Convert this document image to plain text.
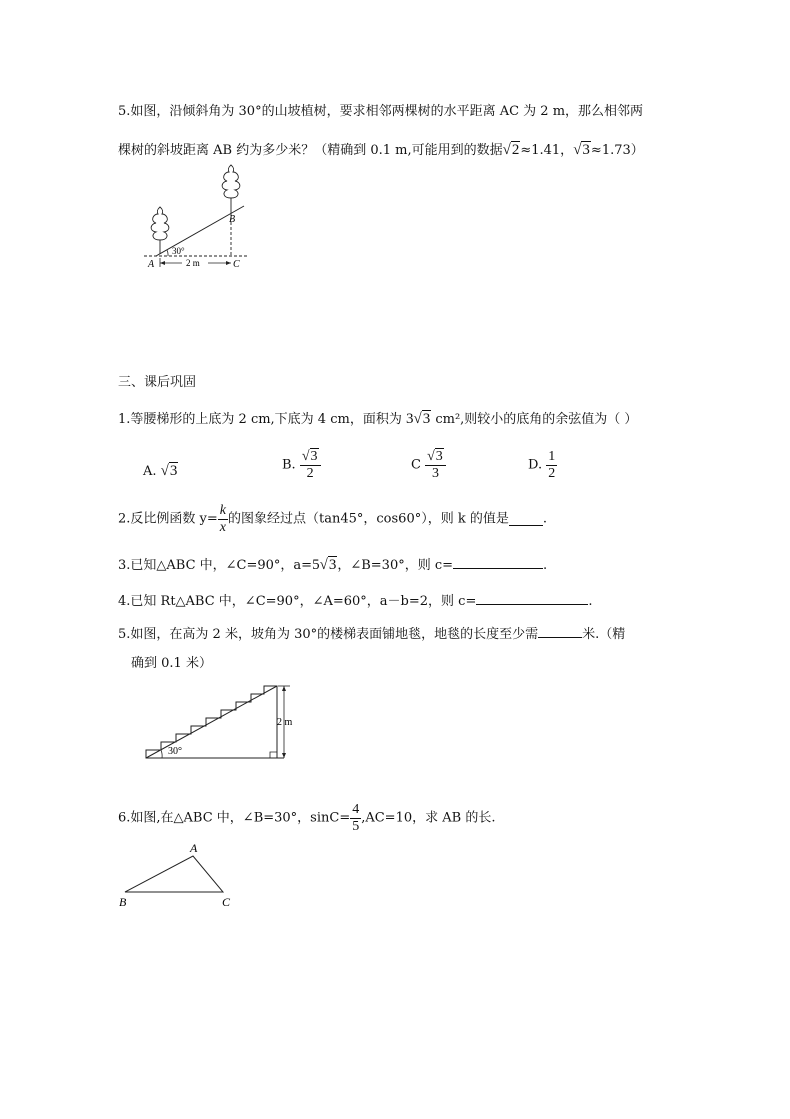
5.如图，沿倾斜角为 30°的山坡植树，要求相邻两棵树的水平距离 AC 为 2 m，那么相邻两
棵树的斜坡距离 AB 约为多少米？（精确到 0.1 m,可能用到的数据√2≈1.41，√3≈1.73）
A
B
C
30°
2 m
三、课后巩固
1.等腰梯形的上底为 2 cm,下底为 4 cm，面积为 3√3 cm²,则较小的底角的余弦值为（ ）
A. √3	B. $\frac{√3}{2}$	C $\frac{√3}{3}$	D. $\frac{1}{2}$
2.反比例函数 $y= \frac{k}{x}$ 的图象经过点（tan45°，cos60°），则 k 的值是	.
3.已知△ABC 中，∠C=90°，a=5√3，∠B=30°，则 c=	.
4.已知 Rt△ABC 中，∠C=90°，∠A=60°，a－b=2，则 c=	.
5.如图，在高为 2 米，坡角为 30°的楼梯表面铺地毯，地毯的长度至少需	米.（精
确到 0.1 米）
2 m
30°
6.如图,在△ABC 中，∠B=30°，$\sin C= \frac{4}{5} ,AC=10$，求 AB 的长.
A
B	C
